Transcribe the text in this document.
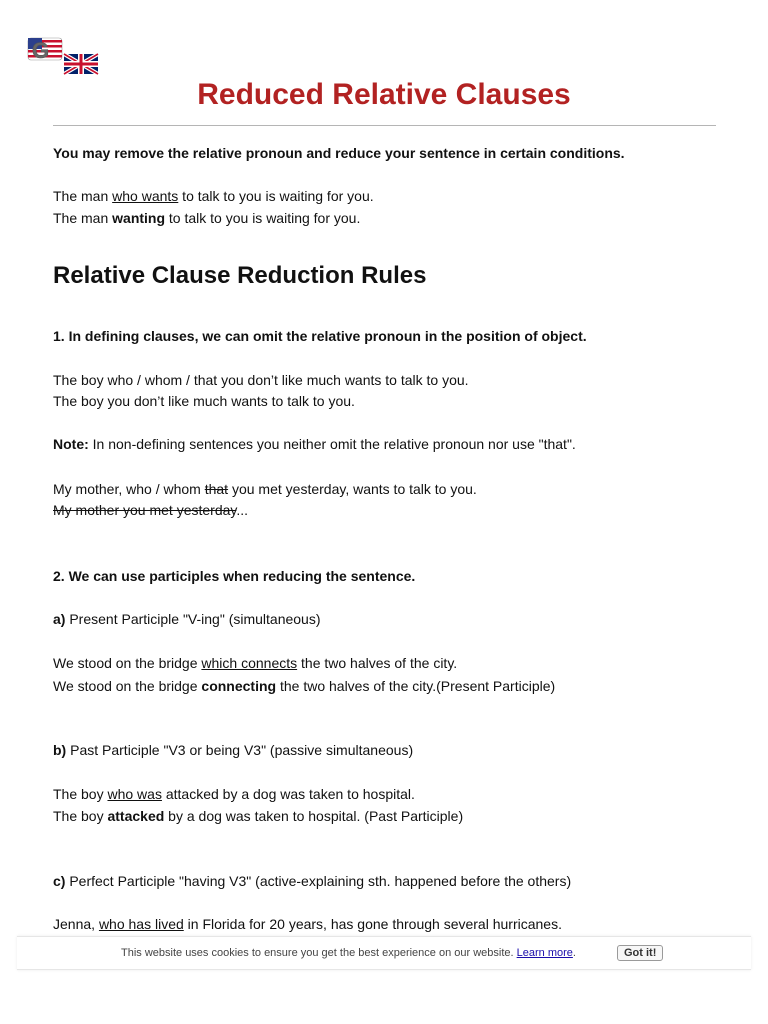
G
Reduced Relative Clauses
You may remove the relative pronoun and reduce your sentence in certain conditions.
The man who wants to talk to you is waiting for you.
The man wanting to talk to you is waiting for you.
Relative Clause Reduction Rules
1. In defining clauses, we can omit the relative pronoun in the position of object.
The boy who / whom / that you don’t like much wants to talk to you.
The boy you don’t like much wants to talk to you.
Note: In non-defining sentences you neither omit the relative pronoun nor use "that".
My mother, who / whom that you met yesterday, wants to talk to you.
My mother you met yesterday...
2. We can use participles when reducing the sentence.
a) Present Participle "V-ing" (simultaneous)
We stood on the bridge which connects the two halves of the city.
We stood on the bridge connecting the two halves of the city.(Present Participle)
b) Past Participle "V3 or being V3" (passive simultaneous)
The boy who was attacked by a dog was taken to hospital.
The boy attacked by a dog was taken to hospital. (Past Participle)
c) Perfect Participle "having V3" (active-explaining sth. happened before the others)
Jenna, who has lived in Florida for 20 years, has gone through several hurricanes.
This website uses cookies to ensure you get the best experience on our website. Learn more.	Got it!
